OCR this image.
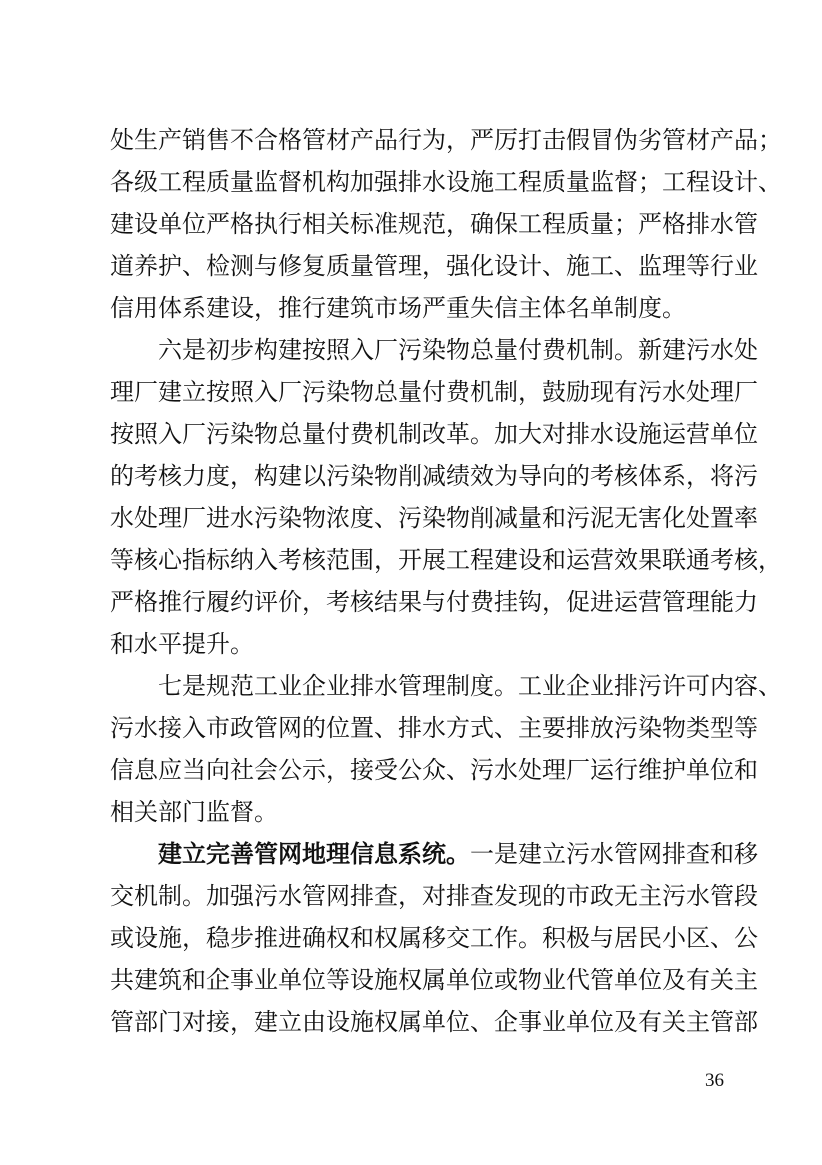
处生产销售不合格管材产品行为，严厉打击假冒伪劣管材产品；
各级工程质量监督机构加强排水设施工程质量监督；工程设计、
建设单位严格执行相关标准规范，确保工程质量；严格排水管
道养护、检测与修复质量管理，强化设计、施工、监理等行业
信用体系建设，推行建筑市场严重失信主体名单制度。
六是初步构建按照入厂污染物总量付费机制。新建污水处
理厂建立按照入厂污染物总量付费机制，鼓励现有污水处理厂
按照入厂污染物总量付费机制改革。加大对排水设施运营单位
的考核力度，构建以污染物削减绩效为导向的考核体系，将污
水处理厂进水污染物浓度、污染物削减量和污泥无害化处置率
等核心指标纳入考核范围，开展工程建设和运营效果联通考核，
严格推行履约评价，考核结果与付费挂钩，促进运营管理能力
和水平提升。
七是规范工业企业排水管理制度。工业企业排污许可内容、
污水接入市政管网的位置、排水方式、主要排放污染物类型等
信息应当向社会公示，接受公众、污水处理厂运行维护单位和
相关部门监督。
建立完善管网地理信息系统。一是建立污水管网排查和移
交机制。加强污水管网排查，对排查发现的市政无主污水管段
或设施，稳步推进确权和权属移交工作。积极与居民小区、公
共建筑和企事业单位等设施权属单位或物业代管单位及有关主
管部门对接，建立由设施权属单位、企事业单位及有关主管部
36
